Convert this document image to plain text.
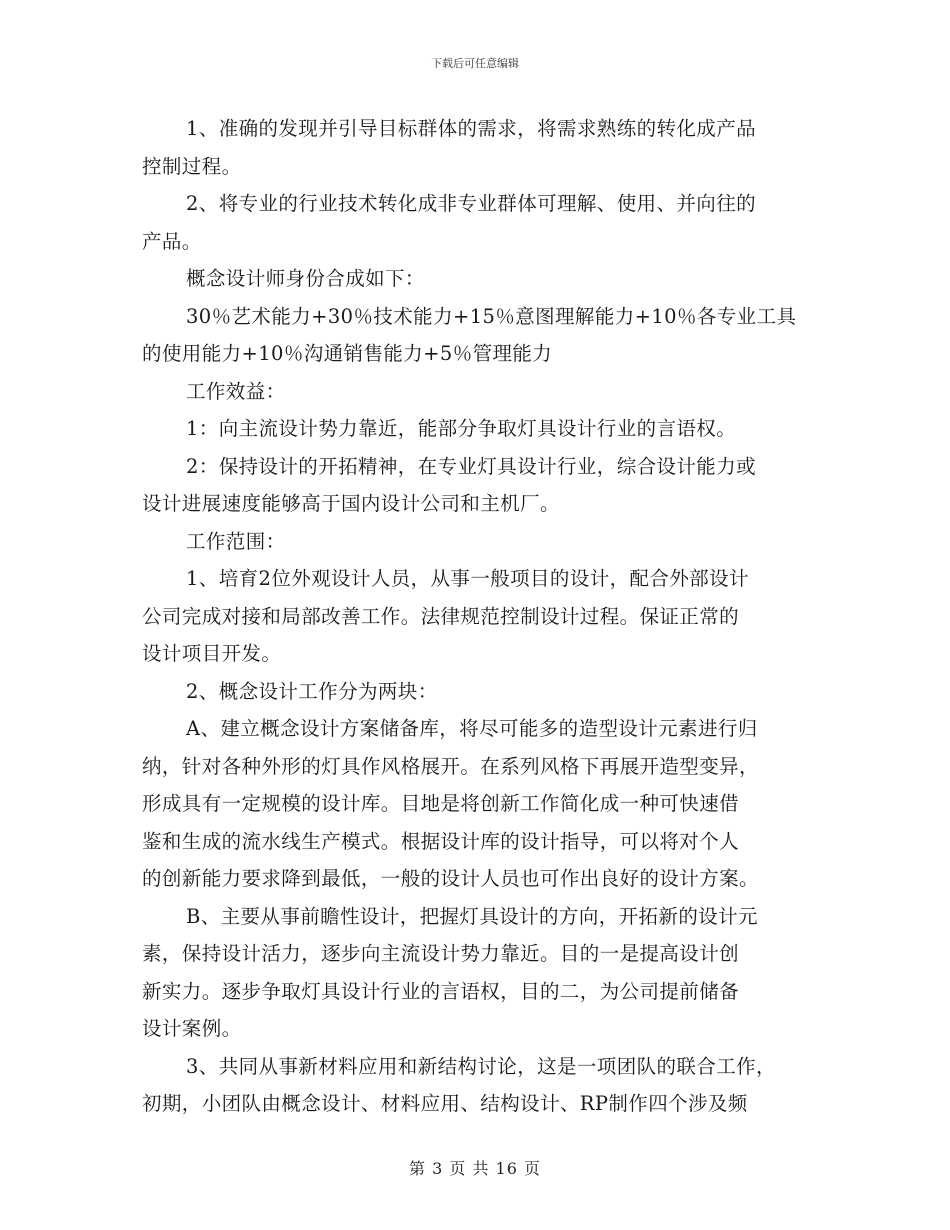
下载后可任意编辑
1、准确的发现并引导目标群体的需求，将需求熟练的转化成产品
控制过程。
2、将专业的行业技术转化成非专业群体可理解、使用、并向往的
产品。
概念设计师身份合成如下：
30％艺术能力+30％技术能力+15％意图理解能力+10％各专业工具
的使用能力+10％沟通销售能力+5％管理能力
工作效益：
1：向主流设计势力靠近，能部分争取灯具设计行业的言语权。
2：保持设计的开拓精神，在专业灯具设计行业，综合设计能力或
设计进展速度能够高于国内设计公司和主机厂。
工作范围：
1、培育2位外观设计人员，从事一般项目的设计，配合外部设计
公司完成对接和局部改善工作。法律规范控制设计过程。保证正常的
设计项目开发。
2、概念设计工作分为两块：
A、建立概念设计方案储备库，将尽可能多的造型设计元素进行归
纳，针对各种外形的灯具作风格展开。在系列风格下再展开造型变异，
形成具有一定规模的设计库。目地是将创新工作简化成一种可快速借
鉴和生成的流水线生产模式。根据设计库的设计指导，可以将对个人
的创新能力要求降到最低，一般的设计人员也可作出良好的设计方案。
B、主要从事前瞻性设计，把握灯具设计的方向，开拓新的设计元
素，保持设计活力，逐步向主流设计势力靠近。目的一是提高设计创
新实力。逐步争取灯具设计行业的言语权，目的二，为公司提前储备
设计案例。
3、共同从事新材料应用和新结构讨论，这是一项团队的联合工作，
初期，小团队由概念设计、材料应用、结构设计、RP制作四个涉及频
第 3 页 共 16 页
